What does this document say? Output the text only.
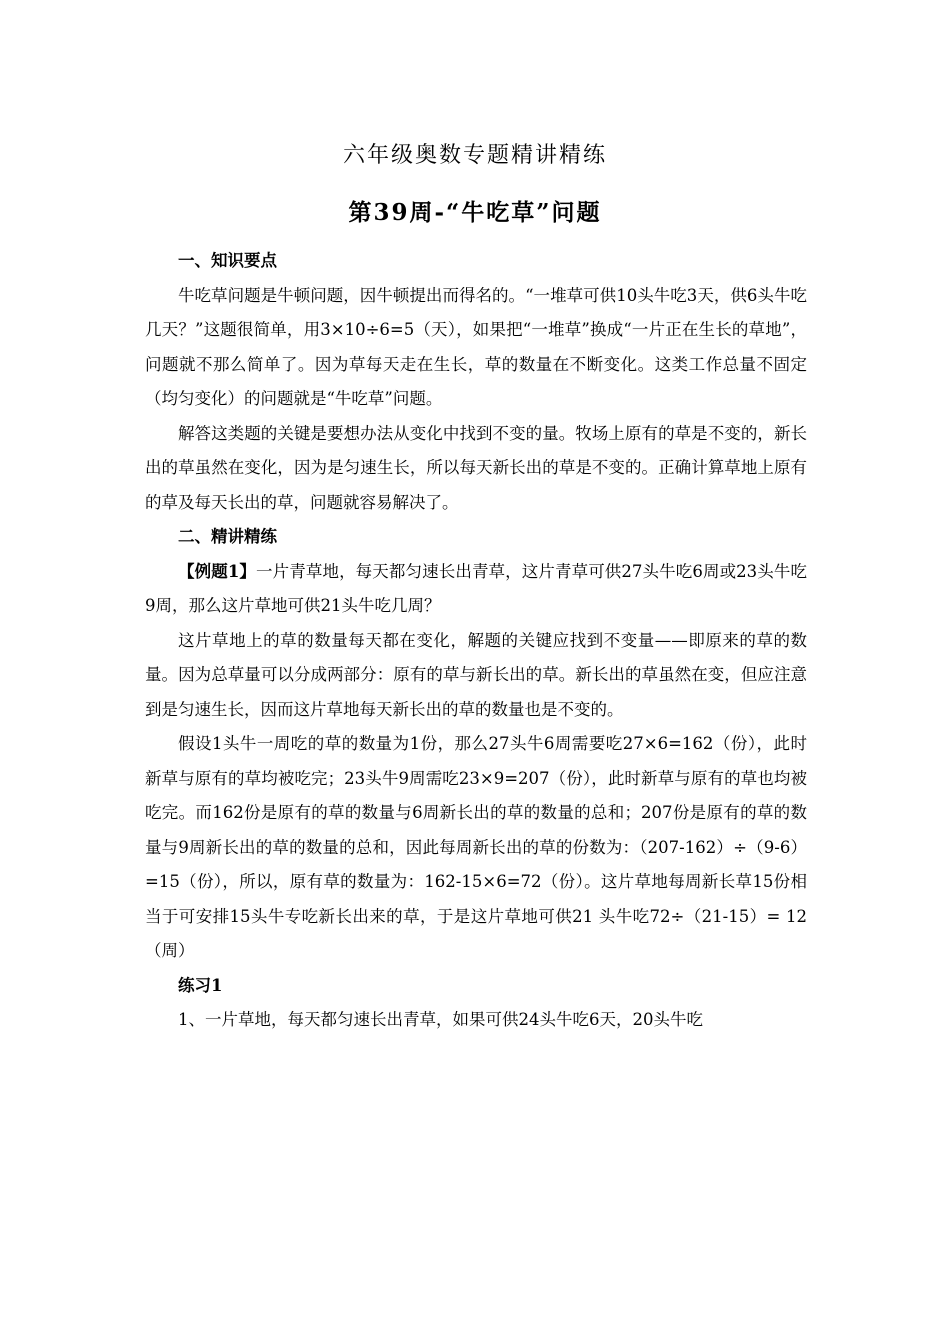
六年级奥数专题精讲精练
第39周-“牛吃草”问题

一、知识要点

牛吃草问题是牛顿问题，因牛顿提出而得名的。“一堆草可供10头牛吃3天，供6头牛吃几天？”这题很简单，用3×10÷6=5（天），如果把“一堆草”换成“一片正在生长的草地”，问题就不那么简单了。因为草每天走在生长，草的数量在不断变化。这类工作总量不固定（均匀变化）的问题就是“牛吃草”问题。

解答这类题的关键是要想办法从变化中找到不变的量。牧场上原有的草是不变的，新长出的草虽然在变化，因为是匀速生长，所以每天新长出的草是不变的。正确计算草地上原有的草及每天长出的草，问题就容易解决了。

二、精讲精练

【例题1】一片青草地，每天都匀速长出青草，这片青草可供27头牛吃6周或23头牛吃9周，那么这片草地可供21头牛吃几周？

这片草地上的草的数量每天都在变化，解题的关键应找到不变量——即原来的草的数量。因为总草量可以分成两部分：原有的草与新长出的草。新长出的草虽然在变，但应注意到是匀速生长，因而这片草地每天新长出的草的数量也是不变的。

假设1头牛一周吃的草的数量为1份，那么27头牛6周需要吃27×6=162（份），此时新草与原有的草均被吃完；23头牛9周需吃23×9=207（份），此时新草与原有的草也均被吃完。而162份是原有的草的数量与6周新长出的草的数量的总和；207份是原有的草的数量与9周新长出的草的数量的总和，因此每周新长出的草的份数为：（207-162）÷（9-6）=15（份），所以，原有草的数量为：162-15×6=72（份）。这片草地每周新长草15份相当于可安排15头牛专吃新长出来的草，于是这片草地可供21 头牛吃72÷（21-15）= 12（周）

练习1

1、一片草地，每天都匀速长出青草，如果可供24头牛吃6天，20头牛吃
